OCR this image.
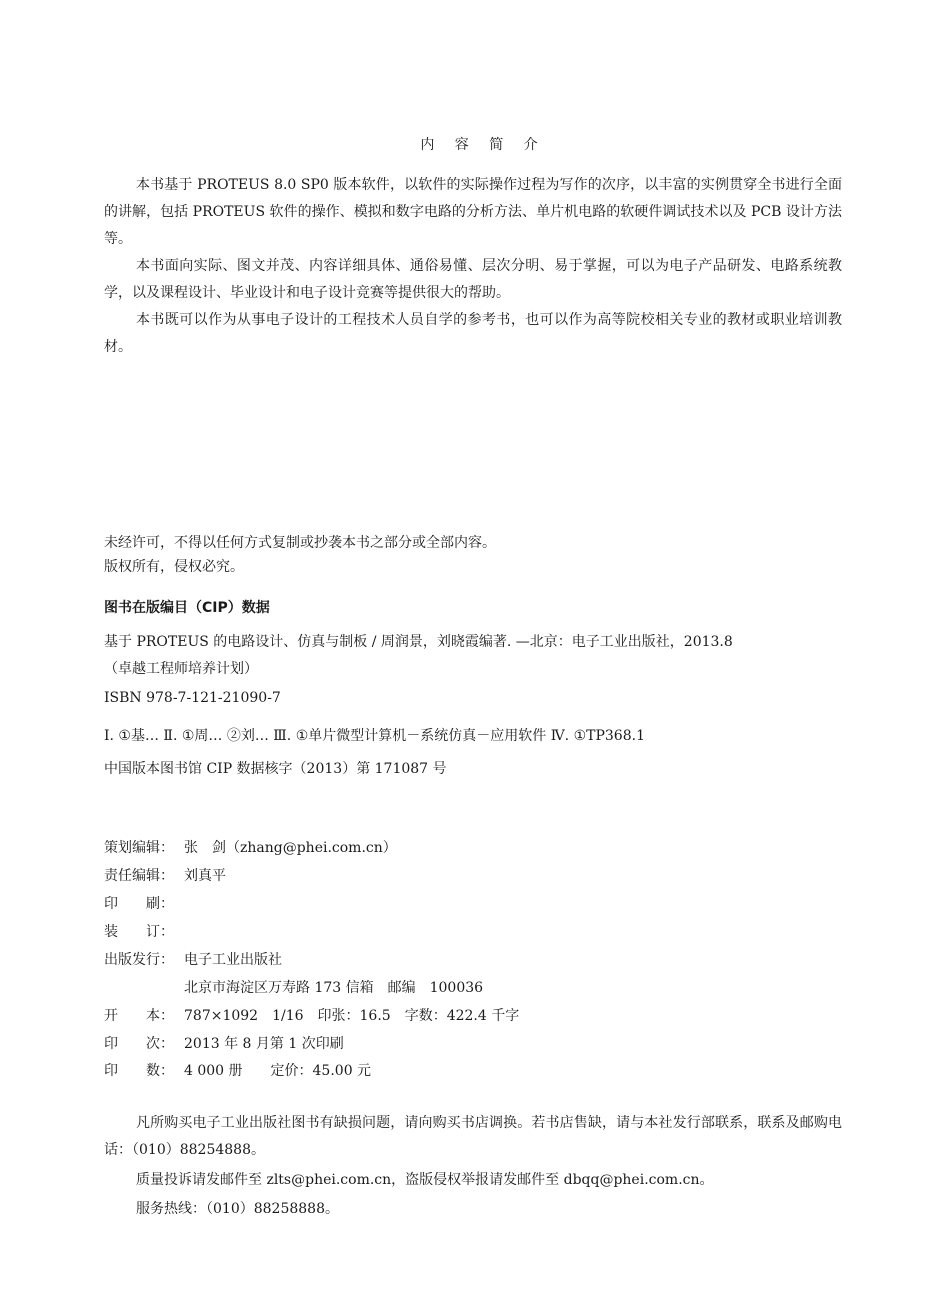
内 容 简 介
本书基于 PROTEUS 8.0 SP0 版本软件，以软件的实际操作过程为写作的次序，以丰富的实例贯穿全书进行全面的讲解，包括 PROTEUS 软件的操作、模拟和数字电路的分析方法、单片机电路的软硬件调试技术以及 PCB 设计方法等。
本书面向实际、图文并茂、内容详细具体、通俗易懂、层次分明、易于掌握，可以为电子产品研发、电路系统教学，以及课程设计、毕业设计和电子设计竞赛等提供很大的帮助。
本书既可以作为从事电子设计的工程技术人员自学的参考书，也可以作为高等院校相关专业的教材或职业培训教材。
未经许可，不得以任何方式复制或抄袭本书之部分或全部内容。
版权所有，侵权必究。
图书在版编目（CIP）数据
基于 PROTEUS 的电路设计、仿真与制板 / 周润景，刘晓霞编著. —北京：电子工业出版社，2013.8
（卓越工程师培养计划）
ISBN 978-7-121-21090-7
Ⅰ. ①基… Ⅱ. ①周… ②刘… Ⅲ. ①单片微型计算机－系统仿真－应用软件 Ⅳ. ①TP368.1
中国版本图书馆 CIP 数据核字（2013）第 171087 号
策划编辑： 张　剑（zhang@phei.com.cn）
责任编辑： 刘真平
印　　刷：
装　　订：
出版发行： 电子工业出版社
北京市海淀区万寿路 173 信箱　邮编　100036
开　　本： 787×1092　1/16　印张：16.5　字数：422.4 千字
印　　次： 2013 年 8 月第 1 次印刷
印　　数： 4 000 册　　定价：45.00 元
凡所购买电子工业出版社图书有缺损问题，请向购买书店调换。若书店售缺，请与本社发行部联系，联系及邮购电话：（010）88254888。
质量投诉请发邮件至 zlts@phei.com.cn，盗版侵权举报请发邮件至 dbqq@phei.com.cn。
服务热线：（010）88258888。
